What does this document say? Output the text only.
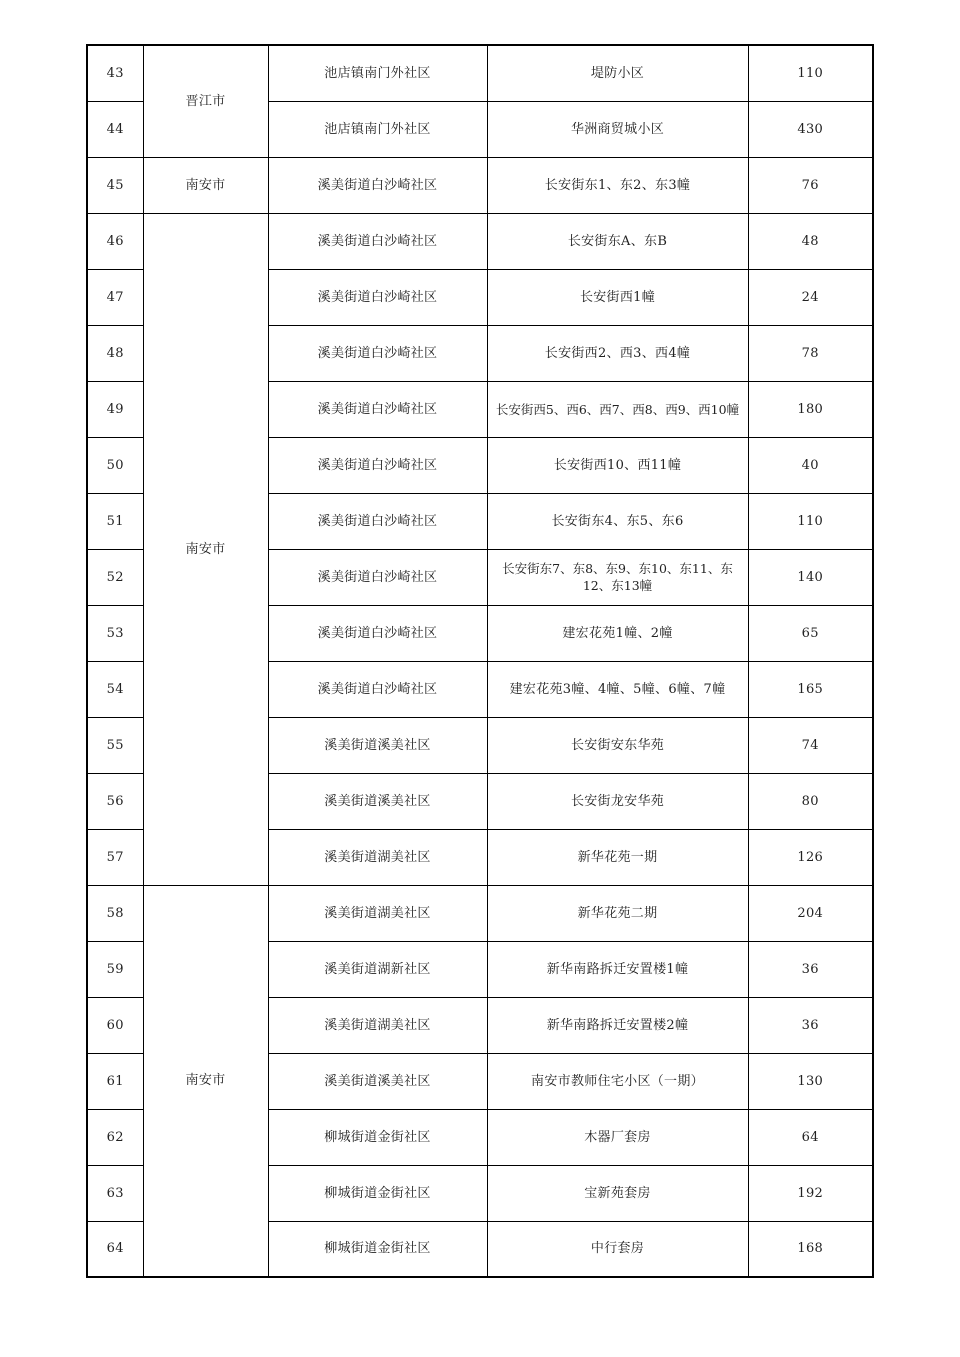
43	晋江市	池店镇南门外社区	堤防小区	110
44		池店镇南门外社区	华洲商贸城小区	430
45	南安市	溪美街道白沙崎社区	长安街东1、东2、东3幢	76
46	南安市	溪美街道白沙崎社区	长安街东A、东B	48
47		溪美街道白沙崎社区	长安街西1幢	24
48		溪美街道白沙崎社区	长安街西2、西3、西4幢	78
49		溪美街道白沙崎社区	长安街西5、西6、西7、西8、西9、西10幢	180
50		溪美街道白沙崎社区	长安街西10、西11幢	40
51		溪美街道白沙崎社区	长安街东4、东5、东6	110
52		溪美街道白沙崎社区	长安街东7、东8、东9、东10、东11、东12、东13幢	140
53		溪美街道白沙崎社区	建宏花苑1幢、2幢	65
54		溪美街道白沙崎社区	建宏花苑3幢、4幢、5幢、6幢、7幢	165
55		溪美街道溪美社区	长安街安东华苑	74
56		溪美街道溪美社区	长安街龙安华苑	80
57		溪美街道湖美社区	新华花苑一期	126
58	南安市	溪美街道湖美社区	新华花苑二期	204
59		溪美街道湖新社区	新华南路拆迁安置楼1幢	36
60		溪美街道湖美社区	新华南路拆迁安置楼2幢	36
61		溪美街道溪美社区	南安市教师住宅小区（一期）	130
62		柳城街道金街社区	木器厂套房	64
63		柳城街道金街社区	宝新苑套房	192
64		柳城街道金街社区	中行套房	168
